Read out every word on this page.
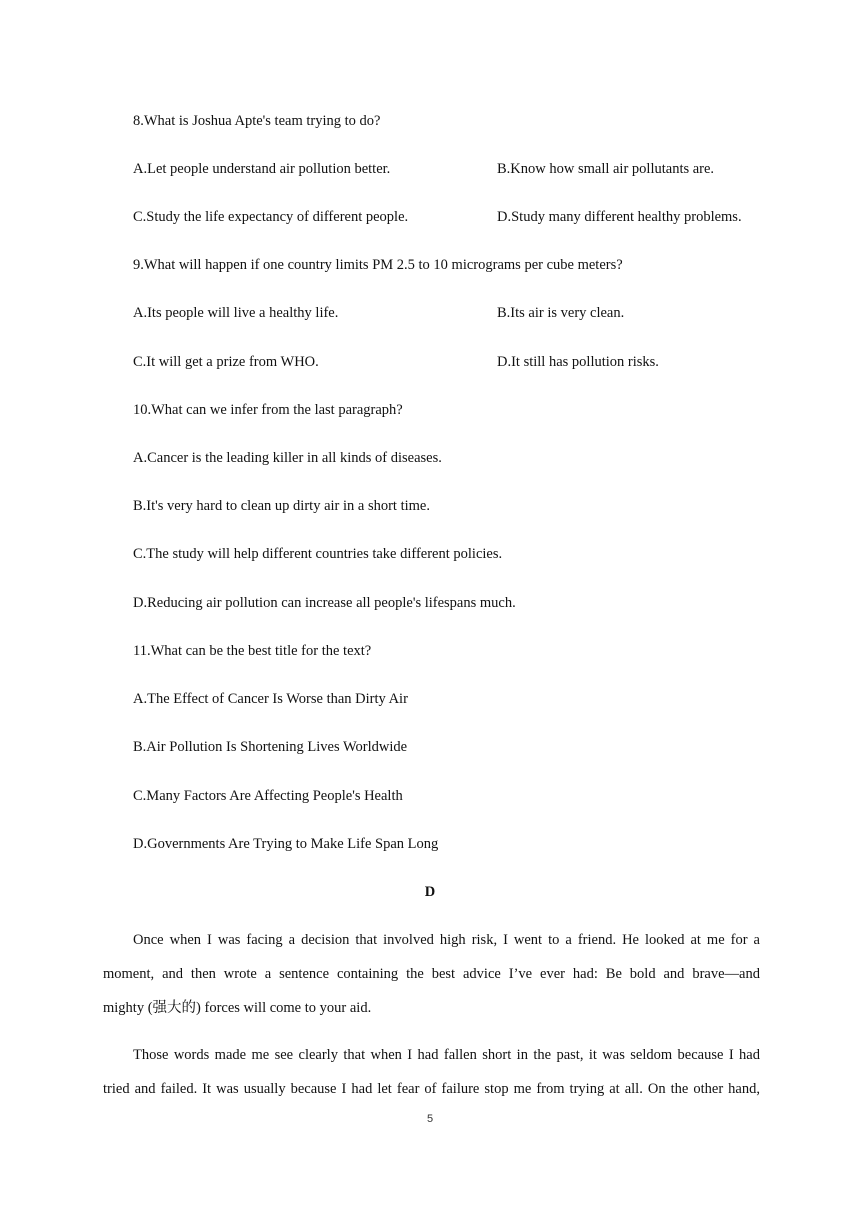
8.What is Joshua Apte's team trying to do?
A.Let people understand air pollution better.	B.Know how small air pollutants are.
C.Study the life expectancy of different people.	D.Study many different healthy problems.
9.What will happen if one country limits PM 2.5 to 10 micrograms per cube meters?
A.Its people will live a healthy life.	B.Its air is very clean.
C.It will get a prize from WHO.	D.It still has pollution risks.
10.What can we infer from the last paragraph?
A.Cancer is the leading killer in all kinds of diseases.
B.It's very hard to clean up dirty air in a short time.
C.The study will help different countries take different policies.
D.Reducing air pollution can increase all people's lifespans much.
11.What can be the best title for the text?
A.The Effect of Cancer Is Worse than Dirty Air
B.Air Pollution Is Shortening Lives Worldwide
C.Many Factors Are Affecting People's Health
D.Governments Are Trying to Make Life Span Long
D
Once when I was facing a decision that involved high risk, I went to a friend. He looked at me for a
moment, and then wrote a sentence containing the best advice I’ve ever had: Be bold and brave—and
mighty (强大的) forces will come to your aid.
Those words made me see clearly that when I had fallen short in the past, it was seldom because I had
tried and failed. It was usually because I had let fear of failure stop me from trying at all. On the other hand,
5
